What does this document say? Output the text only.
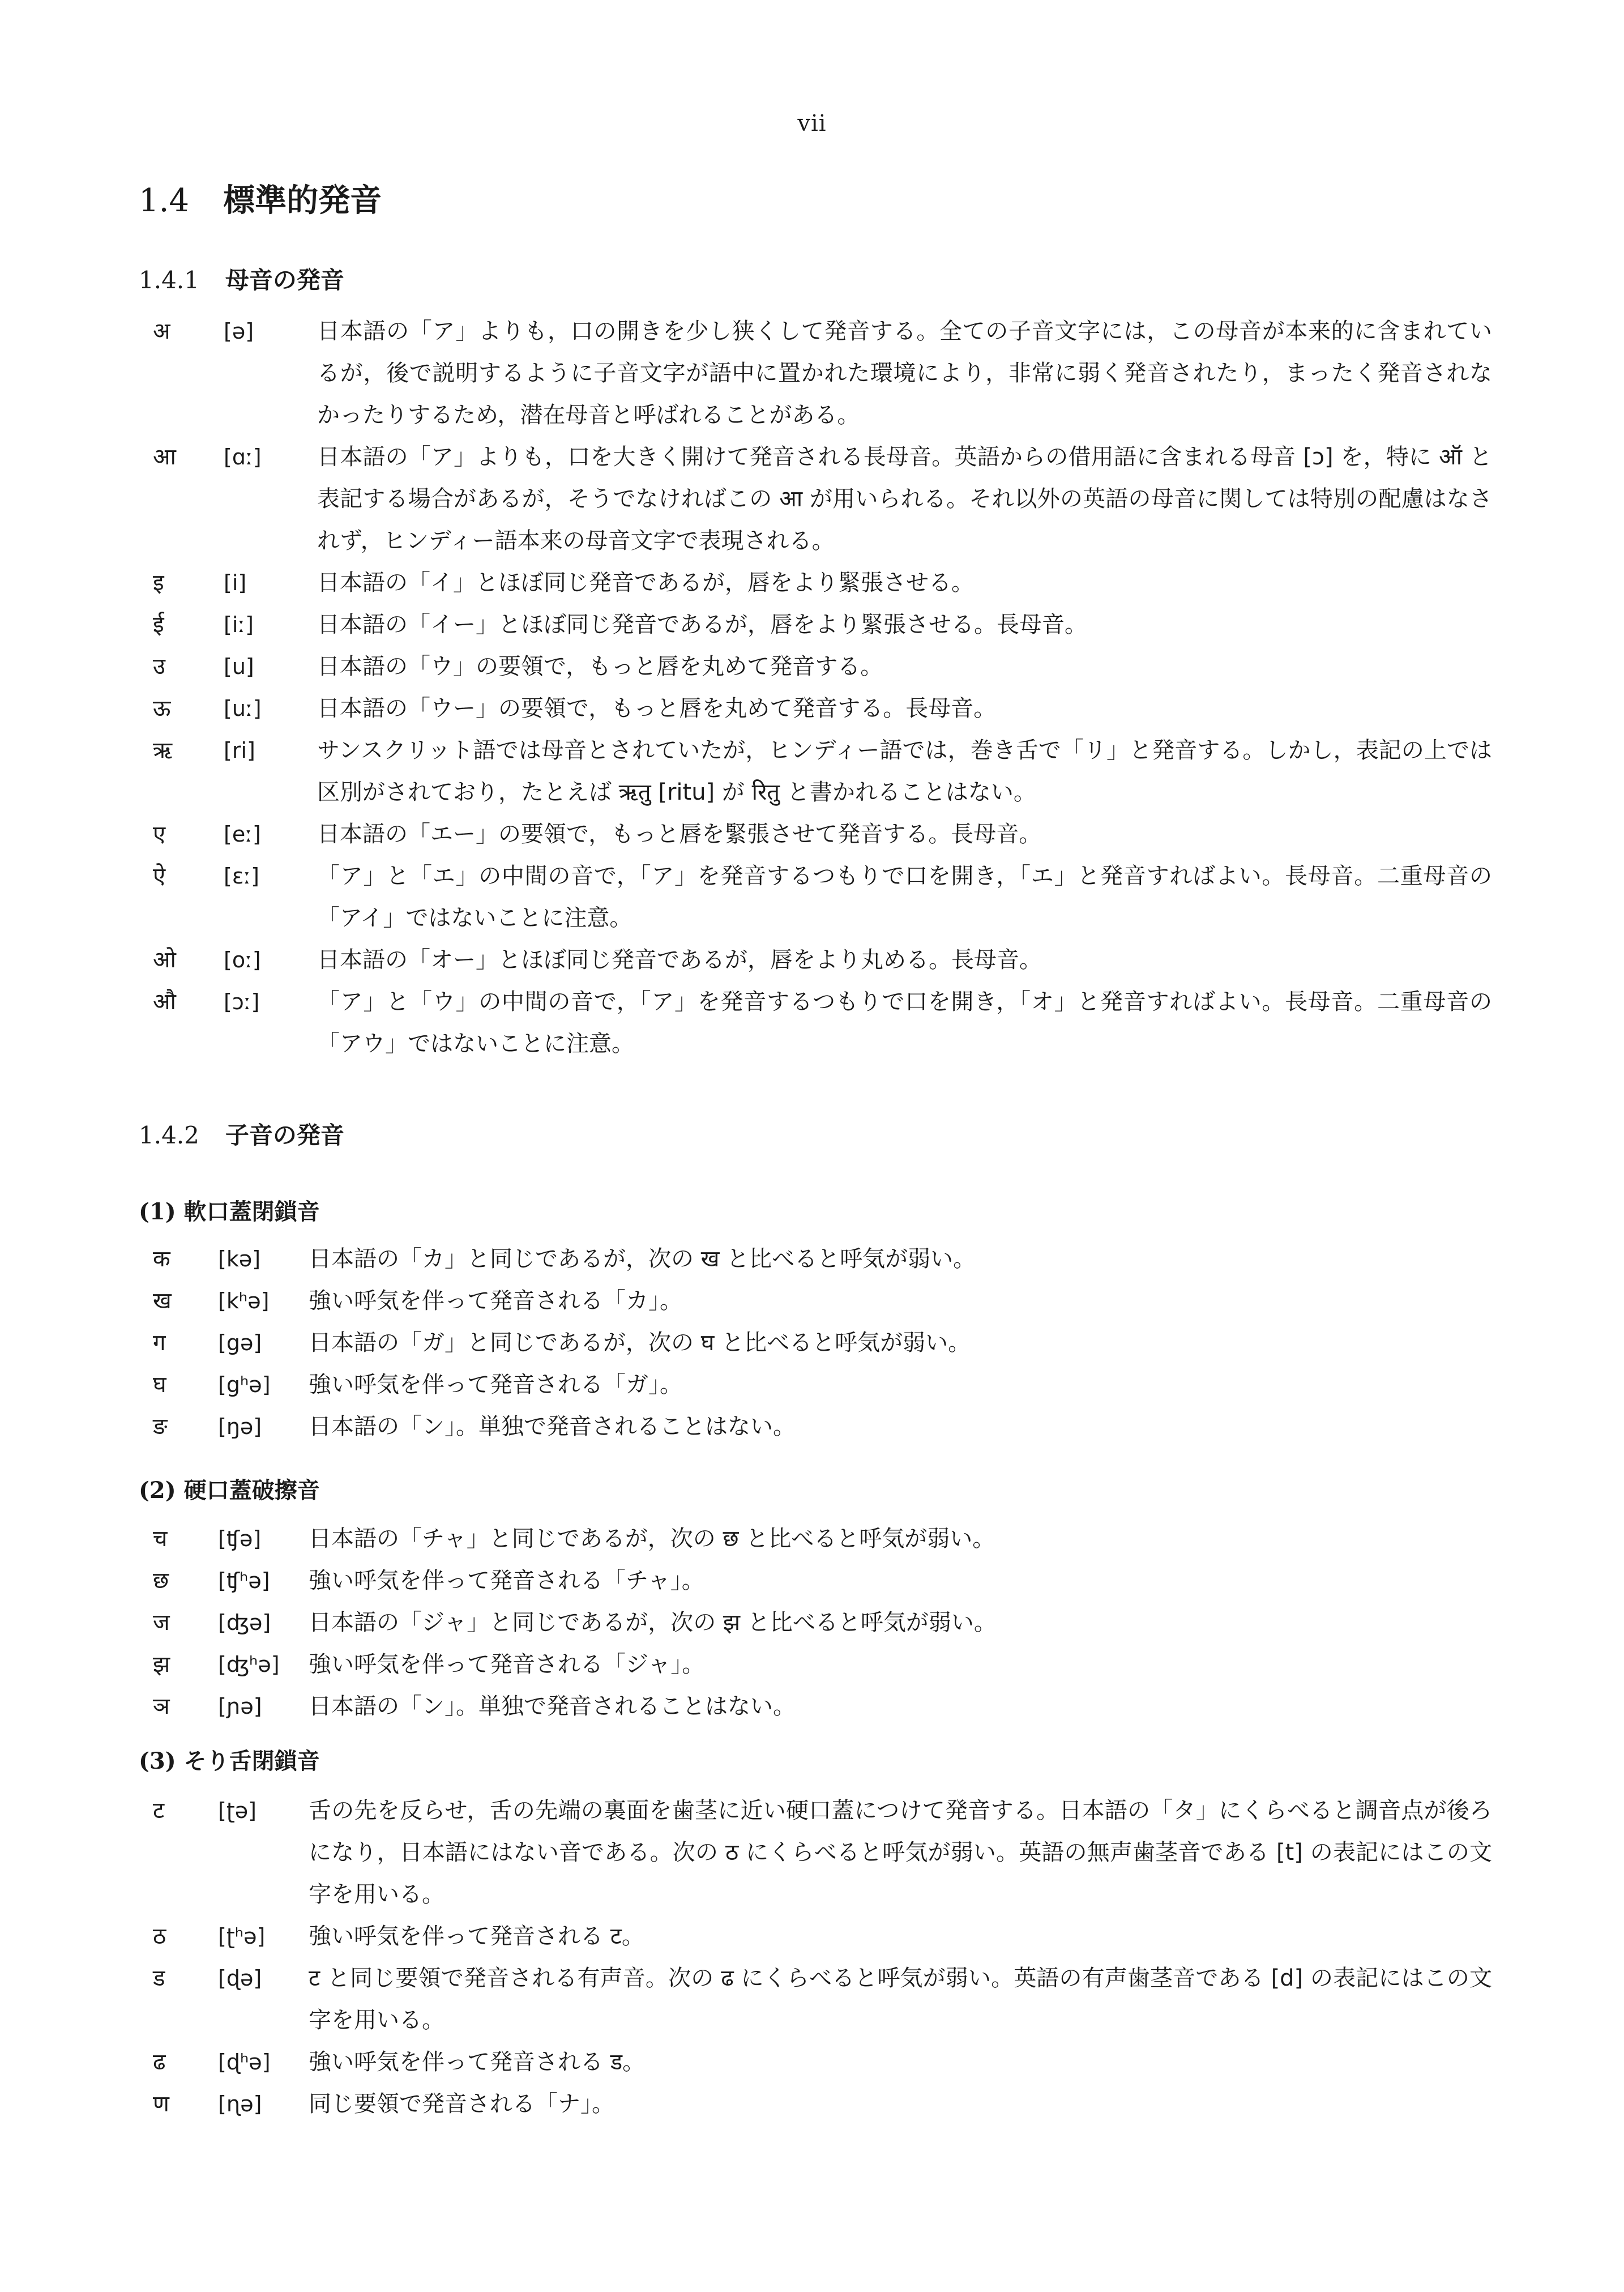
vii
1.4 標準的発音
1.4.1 母音の発音
अ	[ə]	日本語の「ア」よりも，口の開きを少し狭くして発音する。全ての子音文字には，この母音が本来的に含まれているが，後で説明するように子音文字が語中に置かれた環境により，非常に弱く発音されたり，まったく発音されなかったりするため，潜在母音と呼ばれることがある。
आ	[ɑː]	日本語の「ア」よりも，口を大きく開けて発音される長母音。英語からの借用語に含まれる母音 [ɔ] を，特に ऑ と表記する場合があるが，そうでなければこの आ が用いられる。それ以外の英語の母音に関しては特別の配慮はなされず，ヒンディー語本来の母音文字で表現される。
इ	[i]	日本語の「イ」とほぼ同じ発音であるが，唇をより緊張させる。
ई	[iː]	日本語の「イー」とほぼ同じ発音であるが，唇をより緊張させる。長母音。
उ	[u]	日本語の「ウ」の要領で，もっと唇を丸めて発音する。
ऊ	[uː]	日本語の「ウー」の要領で，もっと唇を丸めて発音する。長母音。
ऋ	[ri]	サンスクリット語では母音とされていたが，ヒンディー語では，巻き舌で「リ」と発音する。しかし，表記の上では区別がされており，たとえば ऋतु [ritu] が रितु と書かれることはない。
ए	[eː]	日本語の「エー」の要領で，もっと唇を緊張させて発音する。長母音。
ऐ	[ɛː]	「ア」と「エ」の中間の音で，「ア」を発音するつもりで口を開き，「エ」と発音すればよい。長母音。二重母音の「アイ」ではないことに注意。
ओ	[oː]	日本語の「オー」とほぼ同じ発音であるが，唇をより丸める。長母音。
औ	[ɔː]	「ア」と「ウ」の中間の音で，「ア」を発音するつもりで口を開き，「オ」と発音すればよい。長母音。二重母音の「アウ」ではないことに注意。
1.4.2 子音の発音
(1) 軟口蓋閉鎖音
क	[kə]	日本語の「カ」と同じであるが，次の ख と比べると呼気が弱い。
ख	[kʰə]	強い呼気を伴って発音される「カ」。
ग	[gə]	日本語の「ガ」と同じであるが，次の घ と比べると呼気が弱い。
घ	[gʰə]	強い呼気を伴って発音される「ガ」。
ङ	[ŋə]	日本語の「ン」。単独で発音されることはない。
(2) 硬口蓋破擦音
च	[ʧə]	日本語の「チャ」と同じであるが，次の छ と比べると呼気が弱い。
छ	[ʧʰə]	強い呼気を伴って発音される「チャ」。
ज	[ʤə]	日本語の「ジャ」と同じであるが，次の झ と比べると呼気が弱い。
झ	[ʤʰə]	強い呼気を伴って発音される「ジャ」。
ञ	[ɲə]	日本語の「ン」。単独で発音されることはない。
(3) そり舌閉鎖音
ट	[ʈə]	舌の先を反らせ，舌の先端の裏面を歯茎に近い硬口蓋につけて発音する。日本語の「タ」にくらべると調音点が後ろになり，日本語にはない音である。次の ठ にくらべると呼気が弱い。英語の無声歯茎音である [t] の表記にはこの文字を用いる。
ठ	[ʈʰə]	強い呼気を伴って発音される ट。
ड	[ɖə]	ट と同じ要領で発音される有声音。次の ढ にくらべると呼気が弱い。英語の有声歯茎音である [d] の表記にはこの文字を用いる。
ढ	[ɖʰə]	強い呼気を伴って発音される ड。
ण	[ɳə]	同じ要領で発音される「ナ」。
